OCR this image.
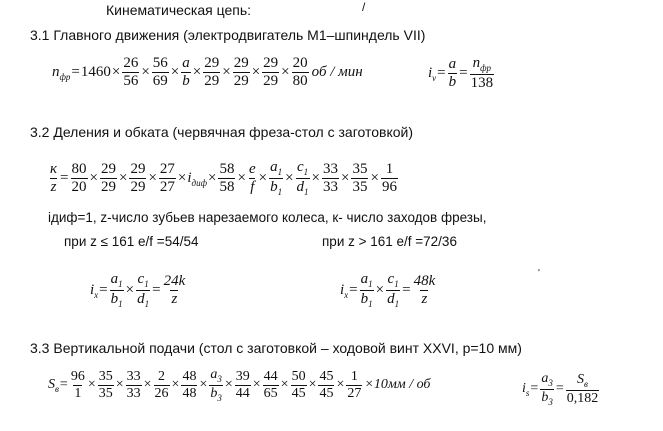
Кинематическая цепь:	/
3.1 Главного движения (электродвигатель М1–шпиндель VII)
$n_{фр} = 1460 \times \frac{26}{56} \times \frac{56}{69} \times \frac{a}{b} \times \frac{29}{29} \times \frac{29}{29} \times \frac{29}{29} \times \frac{20}{80}$ об / мин	$i_v = \frac{a}{b} = \frac{n_{фр}}{138}$
3.2 Деления и обката (червячная фреза-стол с заготовкой)
$\frac{к}{z} = \frac{80}{20} \times \frac{29}{29} \times \frac{29}{29} \times \frac{27}{27} \times i_{диф} \times \frac{58}{58} \times \frac{e}{f} \times \frac{a_1}{b_1} \times \frac{c_1}{d_1} \times \frac{33}{33} \times \frac{35}{35} \times \frac{1}{96}$
iдиф=1, z-число зубьев нарезаемого колеса, к- число заходов фрезы,
при z ≤ 161 e/f =54/54	при z > 161 e/f =72/36
'
$i_x = \frac{a_1}{b_1} \times \frac{c_1}{d_1} = \frac{24k}{z}$	$i_x = \frac{a_1}{b_1} \times \frac{c_1}{d_1} = \frac{48k}{z}$
3.3 Вертикальной подачи (стол с заготовкой – ходовой винт XXVI, р=10 мм)
$S_в = \frac{96}{1} \times \frac{35}{35} \times \frac{33}{33} \times \frac{2}{26} \times \frac{48}{48} \times \frac{a_3}{b_3} \times \frac{39}{44} \times \frac{44}{65} \times \frac{50}{45} \times \frac{45}{45} \times \frac{1}{27} \times 10мм$ / об	$i_s = \frac{a_3}{b_3} = \frac{S_в}{0,182}$
